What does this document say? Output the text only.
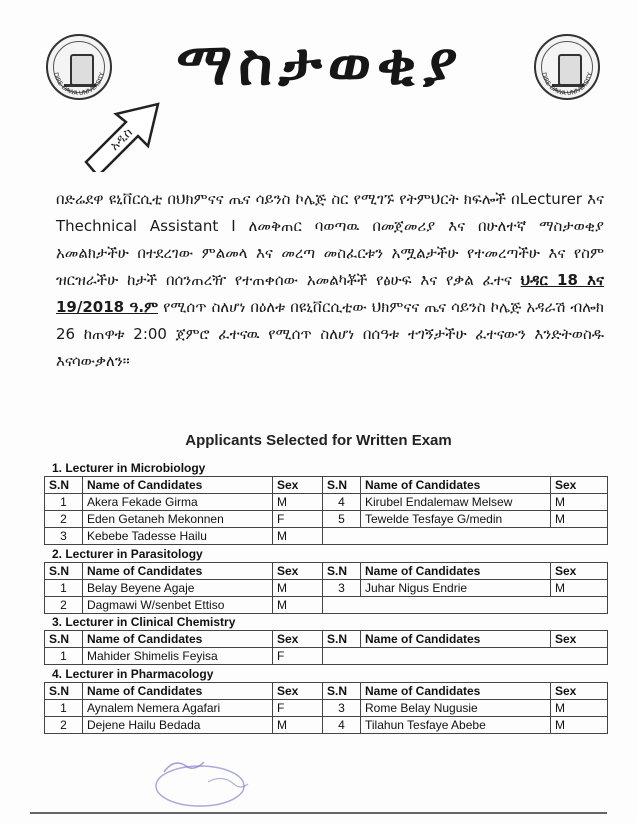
DIRE-DAWA UNIVERSITY	ማስታወቂያ	DIRE-DAWA UNIVERSITY
አዲስ
በድሬደዋ ዩኒቨርሲቲ በህክምናና ጤና ሳይንስ ኮሌጅ ስር የሚገኙ የትምህርት ክፍሎች በLecturer እና Thechnical Assistant I ለመቅጠር ባወጣዉ በመጀመሪያ እና በሁለተኛ ማስታወቂያ አመልክታችሁ በተደረገው ምልመላ እና መረጣ መስፈርቱን አሟልታችሁ የተመረጣችሁ እና የስም ዝርዝራችሁ ከታች በሰንጠረዥ የተጠቀሰው አመልካቾች የፅሁፍ እና የቃል ፈተና ህዳር 18 እና 19/2018 ዓ.ም የሚሰጥ ስለሆነ በዕለቱ በዩኒቨርሲቲው ህክምናና ጤና ሳይንስ ኮሌጅ አዳራሽ ብሎክ 26 ከጠዋቱ 2:00 ጀምሮ ፈተናዉ የሚሰጥ ስለሆነ በሰዓቱ ተገኝታችሁ ፈተናውን እንድትወስዱ እናሳውቃለን።
Applicants Selected for Written Exam
1. Lecturer in Microbiology
S.N	Name of Candidates	Sex	S.N	Name of Candidates	Sex
1	Akera Fekade Girma	M	4	Kirubel Endalemaw Melsew	M
2	Eden Getaneh Mekonnen	F	5	Tewelde Tesfaye G/medin	M
3	Kebebe Tadesse Hailu	M			
2. Lecturer in Parasitology
S.N	Name of Candidates	Sex	S.N	Name of Candidates	Sex
1	Belay Beyene Agaje	M	3	Juhar Nigus Endrie	M
2	Dagmawi W/senbet Ettiso	M			
3. Lecturer in Clinical Chemistry
S.N	Name of Candidates	Sex	S.N	Name of Candidates	Sex
1	Mahider Shimelis Feyisa	F			
4. Lecturer in Pharmacology
S.N	Name of Candidates	Sex	S.N	Name of Candidates	Sex
1	Aynalem Nemera Agafari	F	3	Rome Belay Nugusie	M
2	Dejene Hailu Bedada	M	4	Tilahun Tesfaye Abebe	M
